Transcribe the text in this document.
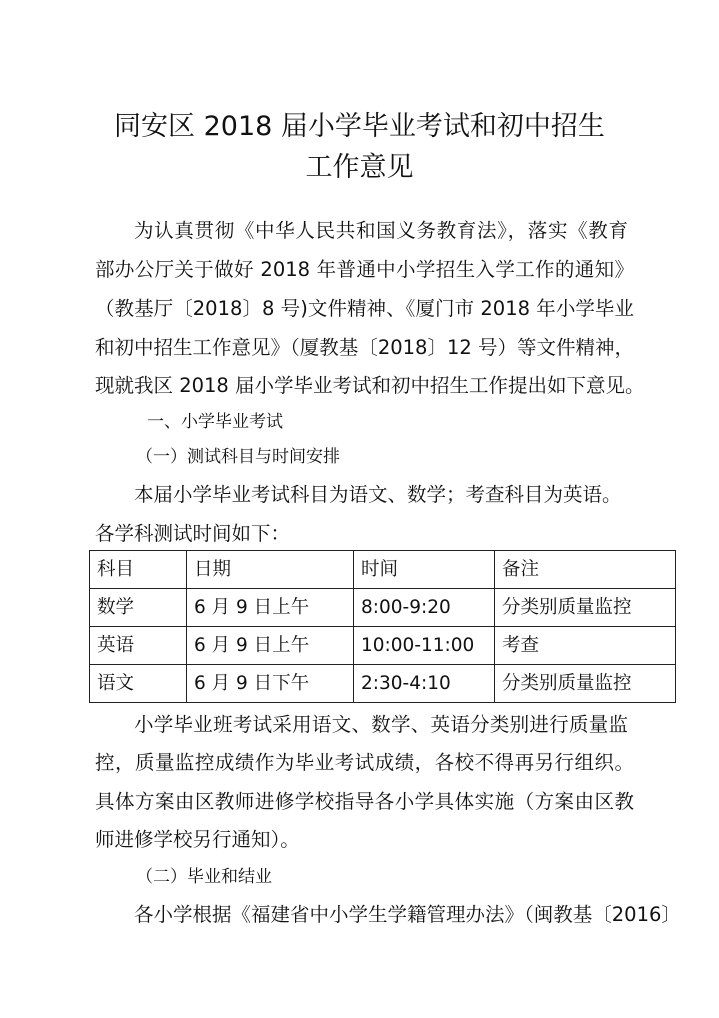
同安区 2018 届小学毕业考试和初中招生
工作意见
为认真贯彻《中华人民共和国义务教育法》，落实《教育
部办公厅关于做好 2018 年普通中小学招生入学工作的通知》
（教基厅〔2018〕8 号)文件精神、《厦门市 2018 年小学毕业
和初中招生工作意见》（厦教基〔2018〕12 号）等文件精神，
现就我区 2018 届小学毕业考试和初中招生工作提出如下意见。
一、小学毕业考试
（一）测试科目与时间安排
本届小学毕业考试科目为语文、数学；考查科目为英语。
各学科测试时间如下：
科目	日期	时间	备注
数学	6 月 9 日上午	8:00-9:20	分类别质量监控
英语	6 月 9 日上午	10:00-11:00	考查
语文	6 月 9 日下午	2:30-4:10	分类别质量监控
小学毕业班考试采用语文、数学、英语分类别进行质量监
控，质量监控成绩作为毕业考试成绩，各校不得再另行组织。
具体方案由区教师进修学校指导各小学具体实施（方案由区教
师进修学校另行通知）。
（二）毕业和结业
各小学根据《福建省中小学生学籍管理办法》（闽教基〔2016〕
